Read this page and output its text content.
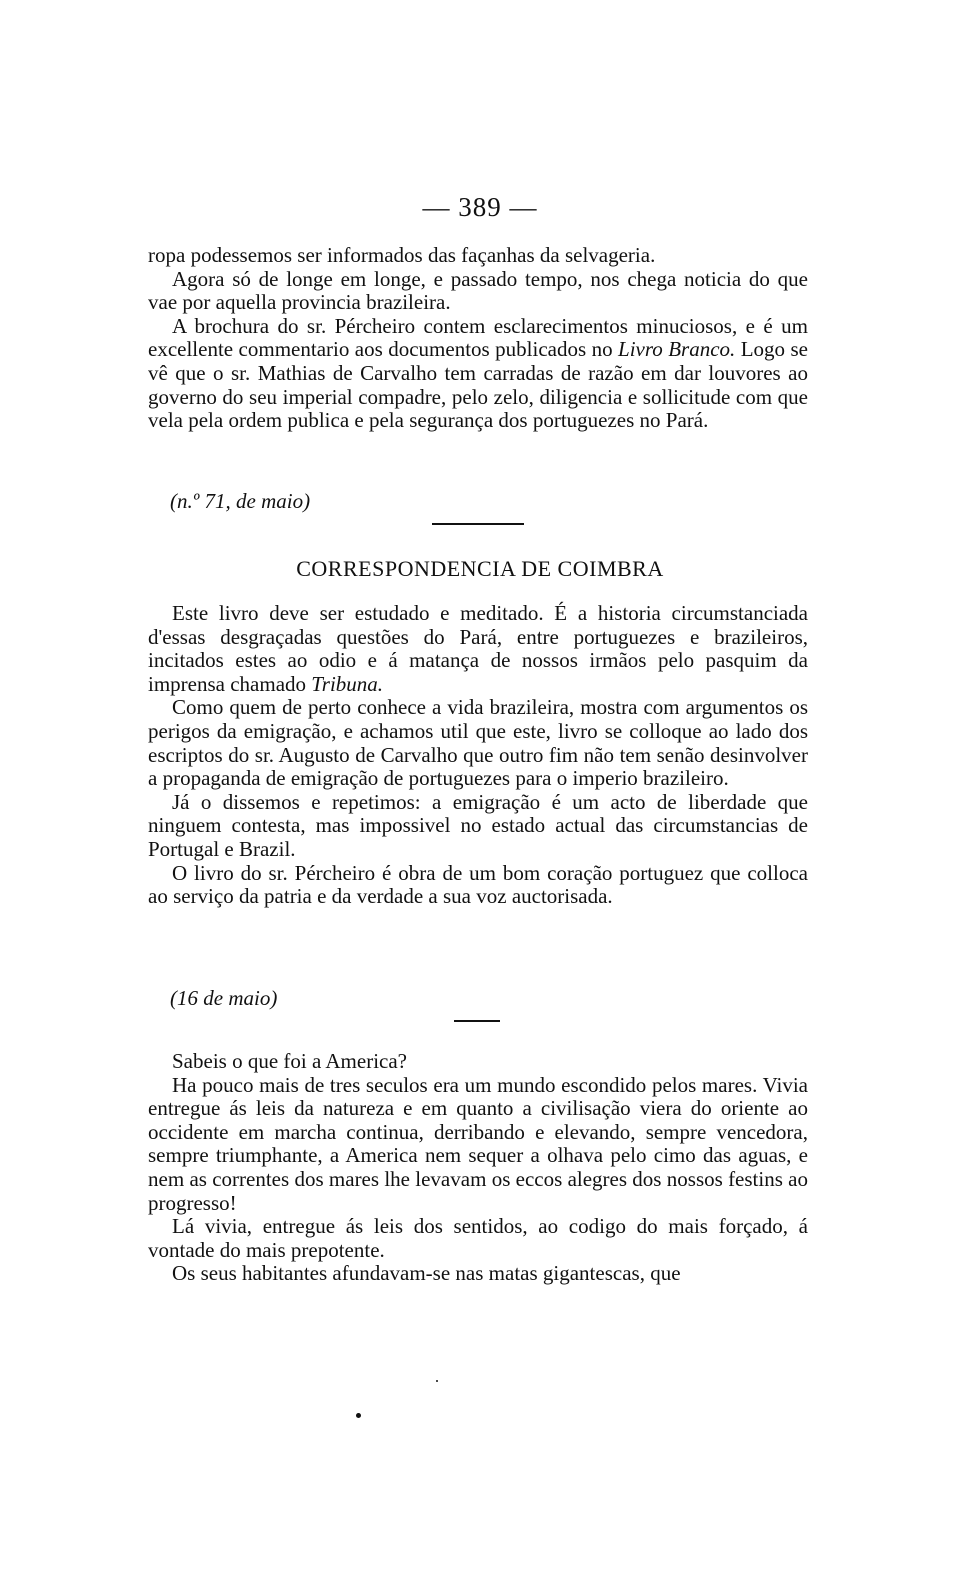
— 389 —

ropa podessemos ser informados das façanhas da selvageria.

Agora só de longe em longe, e passado tempo, nos chega noticia do que vae por aquella provincia brazileira.

A brochura do sr. Pércheiro contem esclarecimentos minuciosos, e é um excellente commentario aos documentos publicados no Livro Branco. Logo se vê que o sr. Mathias de Carvalho tem carradas de razão em dar louvores ao governo do seu imperial compadre, pelo zelo, diligencia e sollicitude com que vela pela ordem publica e pela segurança dos portuguezes no Pará.

(n.º 71, de maio)
CORRESPONDENCIA DE COIMBRA

Este livro deve ser estudado e meditado. É a historia circumstanciada d'essas desgraçadas questões do Pará, entre portuguezes e brazileiros, incitados estes ao odio e á matança de nossos irmãos pelo pasquim da imprensa chamado Tribuna.

Como quem de perto conhece a vida brazileira, mostra com argumentos os perigos da emigração, e achamos util que este, livro se colloque ao lado dos escriptos do sr. Augusto de Carvalho que outro fim não tem senão desinvolver a propaganda de emigração de portuguezes para o imperio brazileiro.

Já o dissemos e repetimos: a emigração é um acto de liberdade que ninguem contesta, mas impossivel no estado actual das circumstancias de Portugal e Brazil.

O livro do sr. Pércheiro é obra de um bom coração portuguez que colloca ao serviço da patria e da verdade a sua voz auctorisada.

(16 de maio)

Sabeis o que foi a America?

Ha pouco mais de tres seculos era um mundo escondido pelos mares. Vivia entregue ás leis da natureza e em quanto a civilisação viera do oriente ao occidente em marcha continua, derribando e elevando, sempre vencedora, sempre triumphante, a America nem sequer a olhava pelo cimo das aguas, e nem as correntes dos mares lhe levavam os eccos alegres dos nossos festins ao progresso!

Lá vivia, entregue ás leis dos sentidos, ao codigo do mais forçado, á vontade do mais prepotente.

Os seus habitantes afundavam-se nas matas gigantescas, que
